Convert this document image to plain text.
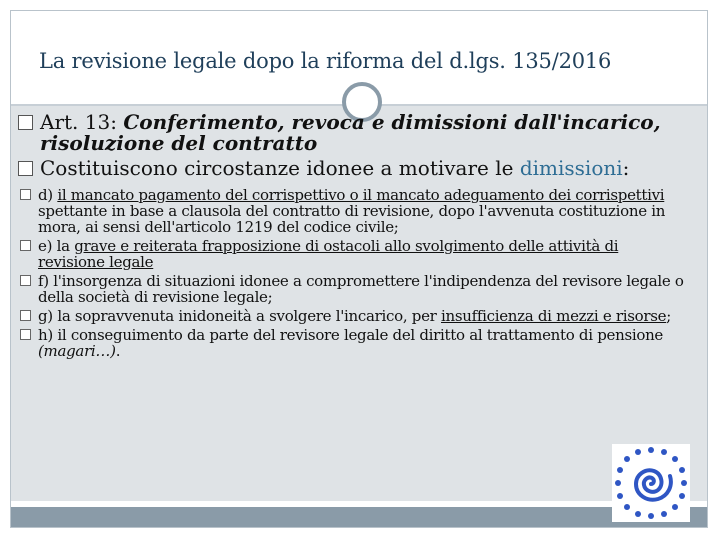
La revisione legale dopo la riforma del d.lgs. 135/2016
Art. 13: Conferimento, revoca e dimissioni dall'incarico, risoluzione del contratto
Costituiscono circostanze idonee a motivare le dimissioni:
d) il mancato pagamento del corrispettivo o il mancato adeguamento dei corrispettivi spettante in base a clausola del contratto di revisione, dopo l'avvenuta costituzione in mora, ai sensi dell'articolo 1219 del codice civile;
e) la grave e reiterata frapposizione di ostacoli allo svolgimento delle attività di revisione legale
f) l'insorgenza di situazioni idonee a compromettere l'indipendenza del revisore legale o della società di revisione legale;
g) la sopravvenuta inidoneità a svolgere l'incarico, per insufficienza di mezzi e risorse;
h) il conseguimento da parte del revisore legale del diritto al trattamento di pensione (magari…).
